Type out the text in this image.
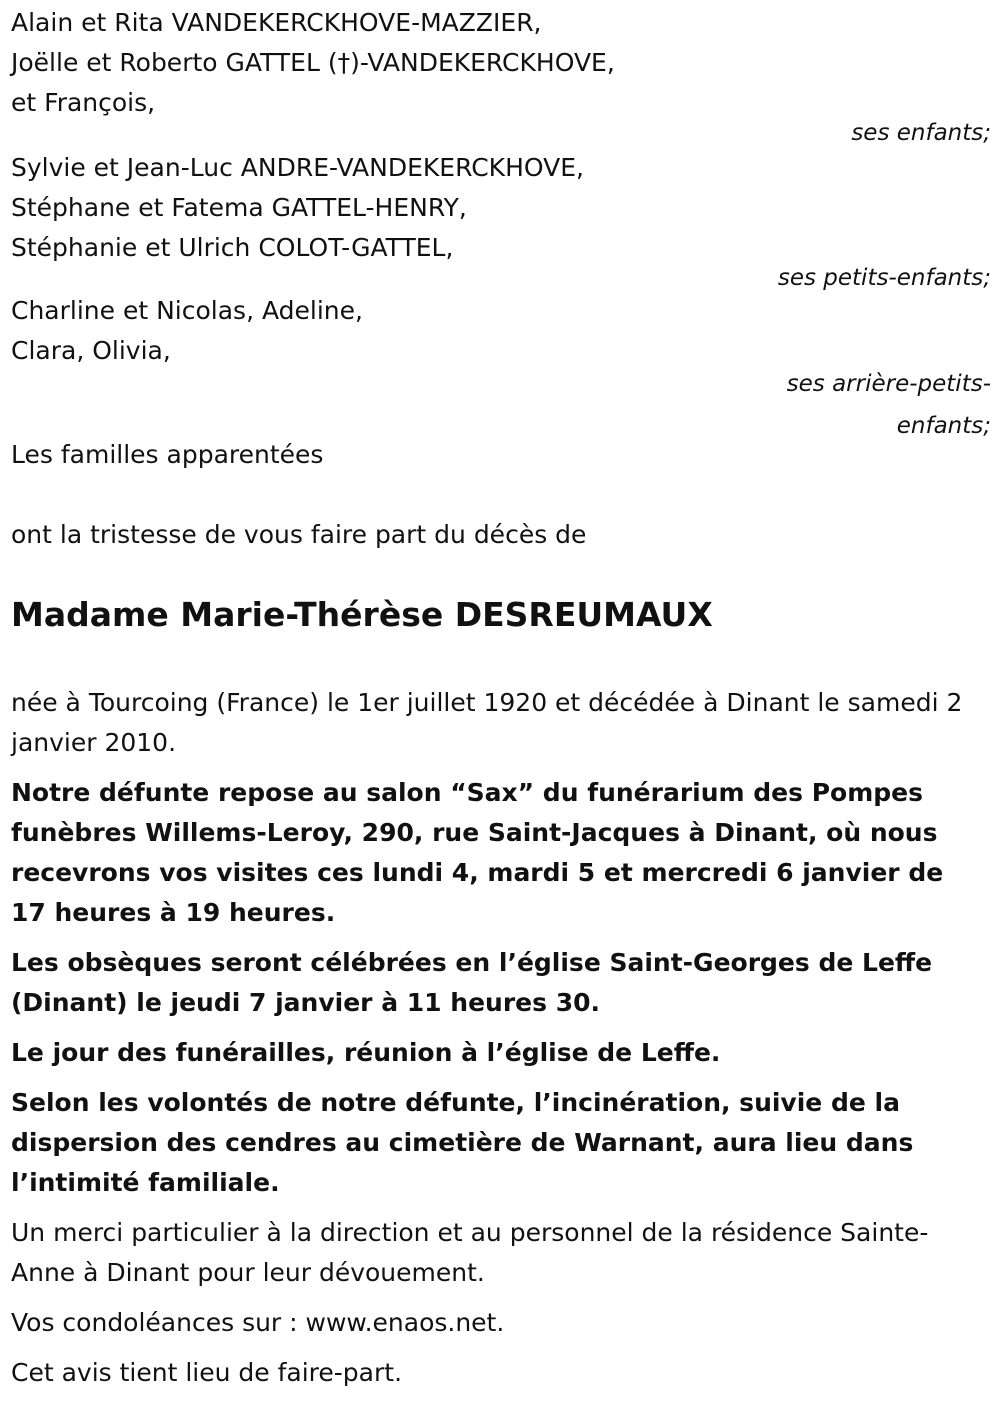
Alain et Rita VANDEKERCKHOVE-MAZZIER,
Joëlle et Roberto GATTEL (†)-VANDEKERCKHOVE,
et François,
ses enfants;
Sylvie et Jean-Luc ANDRE-VANDEKERCKHOVE,
Stéphane et Fatema GATTEL-HENRY,
Stéphanie et Ulrich COLOT-GATTEL,
ses petits-enfants;
Charline et Nicolas, Adeline,
Clara, Olivia,
ses arrière-petits-
enfants;
Les familles apparentées
ont la tristesse de vous faire part du décès de
Madame Marie-Thérèse DESREUMAUX

née à Tourcoing (France) le 1er juillet 1920 et décédée à Dinant le samedi 2 janvier 2010.

Notre défunte repose au salon “Sax” du funérarium des Pompes funèbres Willems-Leroy, 290, rue Saint-Jacques à Dinant, où nous recevrons vos visites ces lundi 4, mardi 5 et mercredi 6 janvier de 17 heures à 19 heures.

Les obsèques seront célébrées en l’église Saint-Georges de Leffe (Dinant) le jeudi 7 janvier à 11 heures 30.

Le jour des funérailles, réunion à l’église de Leffe.

Selon les volontés de notre défunte, l’incinération, suivie de la dispersion des cendres au cimetière de Warnant, aura lieu dans l’intimité familiale.

Un merci particulier à la direction et au personnel de la résidence Sainte-Anne à Dinant pour leur dévouement.

Vos condoléances sur : www.enaos.net.

Cet avis tient lieu de faire-part.
